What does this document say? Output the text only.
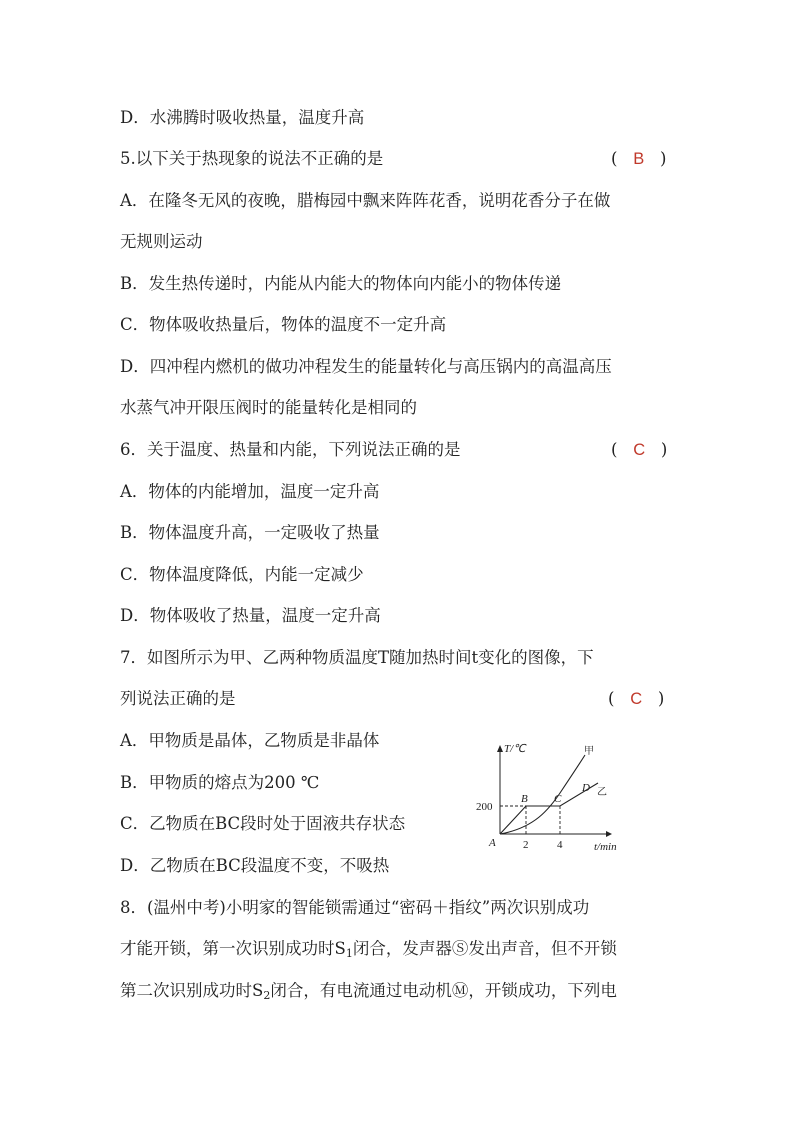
D．水沸腾时吸收热量，温度升高
5.以下关于热现象的说法不正确的是	( B )
A．在隆冬无风的夜晚，腊梅园中飘来阵阵花香，说明花香分子在做
无规则运动
B．发生热传递时，内能从内能大的物体向内能小的物体传递
C．物体吸收热量后，物体的温度不一定升高
D．四冲程内燃机的做功冲程发生的能量转化与高压锅内的高温高压
水蒸气冲开限压阀时的能量转化是相同的
6．关于温度、热量和内能，下列说法正确的是	( C )
A．物体的内能增加，温度一定升高
B．物体温度升高，一定吸收了热量
C．物体温度降低，内能一定减少
D．物体吸收了热量，温度一定升高
7．如图所示为甲、乙两种物质温度T随加热时间t变化的图像，下
列说法正确的是	( C )
A．甲物质是晶体，乙物质是非晶体
B．甲物质的熔点为200 ℃
C．乙物质在BC段时处于固液共存状态
D．乙物质在BC段温度不变，不吸热
T/℃
t/min
200
2	4
A
B C
D
甲
乙
8．(温州中考)小明家的智能锁需通过“密码＋指纹”两次识别成功
才能开锁，第一次识别成功时$S_1$闭合，发声器Ⓢ发出声音，但不开锁
第二次识别成功时$S_2$闭合，有电流通过电动机Ⓜ，开锁成功，下列电
